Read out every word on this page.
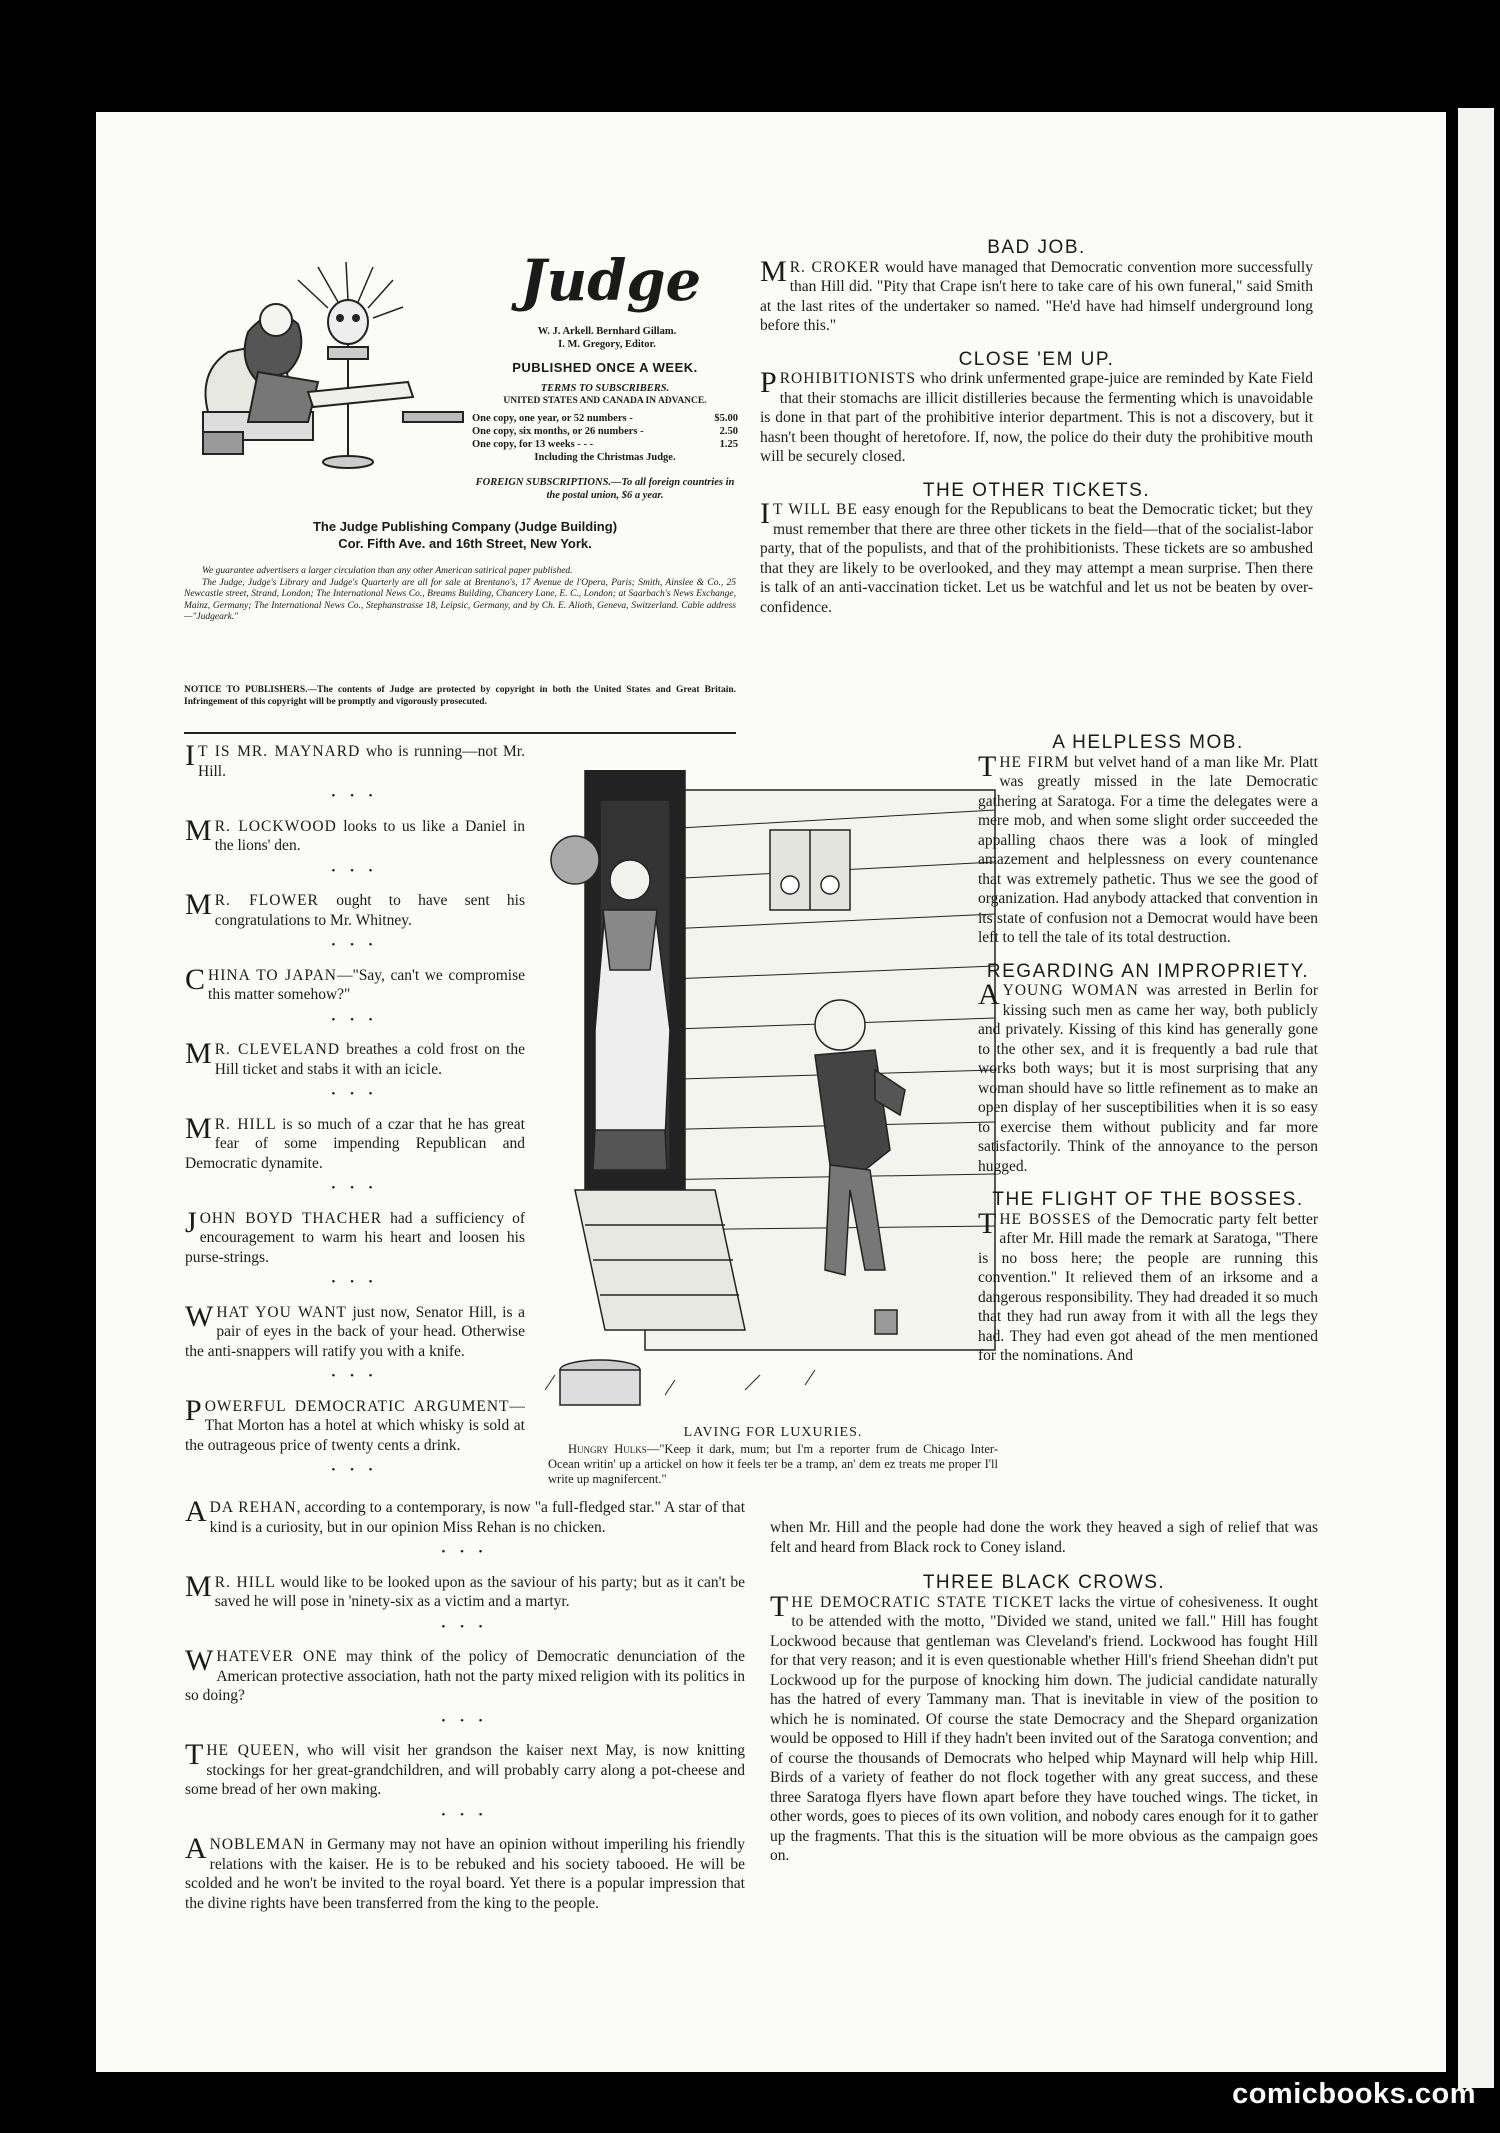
Judge
W. J. Arkell. Bernhard Gillam.
I. M. Gregory, Editor.
PUBLISHED ONCE A WEEK.
TERMS TO SUBSCRIBERS.
UNITED STATES AND CANADA IN ADVANCE.
One copy, one year, or 52 numbers -	$5.00
One copy, six months, or 26 numbers -	2.50
One copy, for 13 weeks - - -	1.25
Including the Christmas Judge.
FOREIGN SUBSCRIPTIONS.—To all foreign countries in the postal union, $6 a year.
The Judge Publishing Company (Judge Building)
Cor. Fifth Ave. and 16th Street, New York.

We guarantee advertisers a larger circulation than any other American satirical paper published.

The Judge, Judge's Library and Judge's Quarterly are all for sale at Brentano's, 17 Avenue de l'Opera, Paris; Smith, Ainslee & Co., 25 Newcastle street, Strand, London; The International News Co., Breams Building, Chancery Lane, E. C., London; at Saarbach's News Exchange, Mainz, Germany; The International News Co., Stephanstrasse 18, Leipsic, Germany, and by Ch. E. Alioth, Geneva, Switzerland. Cable address—"Judgeark."

NOTICE TO PUBLISHERS.—The contents of Judge are protected by copyright in both the United States and Great Britain. Infringement of this copyright will be promptly and vigorously prosecuted.

I T IS MR. MAYNARD who is running—not Mr. Hill.

• • •

M R. LOCKWOOD looks to us like a Daniel in the lions' den.

• • •

M R. FLOWER ought to have sent his congratulations to Mr. Whitney.

• • •

CHINA TO JAPAN—"Say, can't we compromise this matter somehow?"

• • •

M R. CLEVELAND breathes a cold frost on the Hill ticket and stabs it with an icicle.

• • •

M R. HILL is so much of a czar that he has great fear of some impending Republican and Democratic dynamite.

• • •

JOHN BOYD THACHER had a sufficiency of encouragement to warm his heart and loosen his purse-strings.

• • •

WHAT YOU WANT just now, Senator Hill, is a pair of eyes in the back of your head. Otherwise the anti-snappers will ratify you with a knife.

• • •

POWERFUL DEMOCRATIC ARGUMENT—That Morton has a hotel at which whisky is sold at the outrageous price of twenty cents a drink.

• • •
LAVING FOR LUXURIES.
Hungry Hulks—"Keep it dark, mum; but I'm a reporter frum de Chicago Inter-Ocean writin' up a artickel on how it feels ter be a tramp, an' dem ez treats me proper I'll write up magnifercent."

ADA REHAN, according to a contemporary, is now "a full-fledged star." A star of that kind is a curiosity, but in our opinion Miss Rehan is no chicken.

• • •

M R. HILL would like to be looked upon as the saviour of his party; but as it can't be saved he will pose in 'ninety-six as a victim and a martyr.

• • •

WHATEVER ONE may think of the policy of Democratic denunciation of the American protective association, hath not the party mixed religion with its politics in so doing?

• • •

THE QUEEN, who will visit her grandson the kaiser next May, is now knitting stockings for her great-grandchildren, and will probably carry along a pot-cheese and some bread of her own making.

• • •

A NOBLEMAN in Germany may not have an opinion without imperiling his friendly relations with the kaiser. He is to be rebuked and his society tabooed. He will be scolded and he won't be invited to the royal board. Yet there is a popular impression that the divine rights have been transferred from the king to the people.

BAD JOB.

M R. CROKER would have managed that Democratic convention more successfully than Hill did. "Pity that Crape isn't here to take care of his own funeral," said Smith at the last rites of the undertaker so named. "He'd have had himself underground long before this."

CLOSE 'EM UP.

PROHIBITIONISTS who drink unfermented grape-juice are reminded by Kate Field that their stomachs are illicit distilleries because the fermenting which is unavoidable is done in that part of the prohibitive interior department. This is not a discovery, but it hasn't been thought of heretofore. If, now, the police do their duty the prohibitive mouth will be securely closed.

THE OTHER TICKETS.

I T WILL BE easy enough for the Republicans to beat the Democratic ticket; but they must remember that there are three other tickets in the field—that of the socialist-labor party, that of the populists, and that of the prohibitionists. These tickets are so ambushed that they are likely to be overlooked, and they may attempt a mean surprise. Then there is talk of an anti-vaccination ticket. Let us be watchful and let us not be beaten by over-confidence.

A HELPLESS MOB.

THE FIRM but velvet hand of a man like Mr. Platt was greatly missed in the late Democratic gathering at Saratoga. For a time the delegates were a mere mob, and when some slight order succeeded the appalling chaos there was a look of mingled amazement and helplessness on every countenance that was extremely pathetic. Thus we see the good of organization. Had anybody attacked that convention in its state of confusion not a Democrat would have been left to tell the tale of its total destruction.

REGARDING AN IMPROPRIETY.

A YOUNG WOMAN was arrested in Berlin for kissing such men as came her way, both publicly and privately. Kissing of this kind has generally gone to the other sex, and it is frequently a bad rule that works both ways; but it is most surprising that any woman should have so little refinement as to make an open display of her susceptibilities when it is so easy to exercise them without publicity and far more satisfactorily. Think of the annoyance to the person hugged.

THE FLIGHT OF THE BOSSES.

THE BOSSES of the Democratic party felt better after Mr. Hill made the remark at Saratoga, "There is no boss here; the people are running this convention." It relieved them of an irksome and a dangerous responsibility. They had dreaded it so much that they had run away from it with all the legs they had. They had even got ahead of the men mentioned for the nominations. And

when Mr. Hill and the people had done the work they heaved a sigh of relief that was felt and heard from Black rock to Coney island.

THREE BLACK CROWS.

THE DEMOCRATIC STATE TICKET lacks the virtue of cohesiveness. It ought to be attended with the motto, "Divided we stand, united we fall." Hill has fought Lockwood because that gentleman was Cleveland's friend. Lockwood has fought Hill for that very reason; and it is even questionable whether Hill's friend Sheehan didn't put Lockwood up for the purpose of knocking him down. The judicial candidate naturally has the hatred of every Tammany man. That is inevitable in view of the position to which he is nominated. Of course the state Democracy and the Shepard organization would be opposed to Hill if they hadn't been invited out of the Saratoga convention; and of course the thousands of Democrats who helped whip Maynard will help whip Hill. Birds of a variety of feather do not flock together with any great success, and these three Saratoga flyers have flown apart before they have touched wings. The ticket, in other words, goes to pieces of its own volition, and nobody cares enough for it to gather up the fragments. That this is the situation will be more obvious as the campaign goes on.

comicbooks.com
